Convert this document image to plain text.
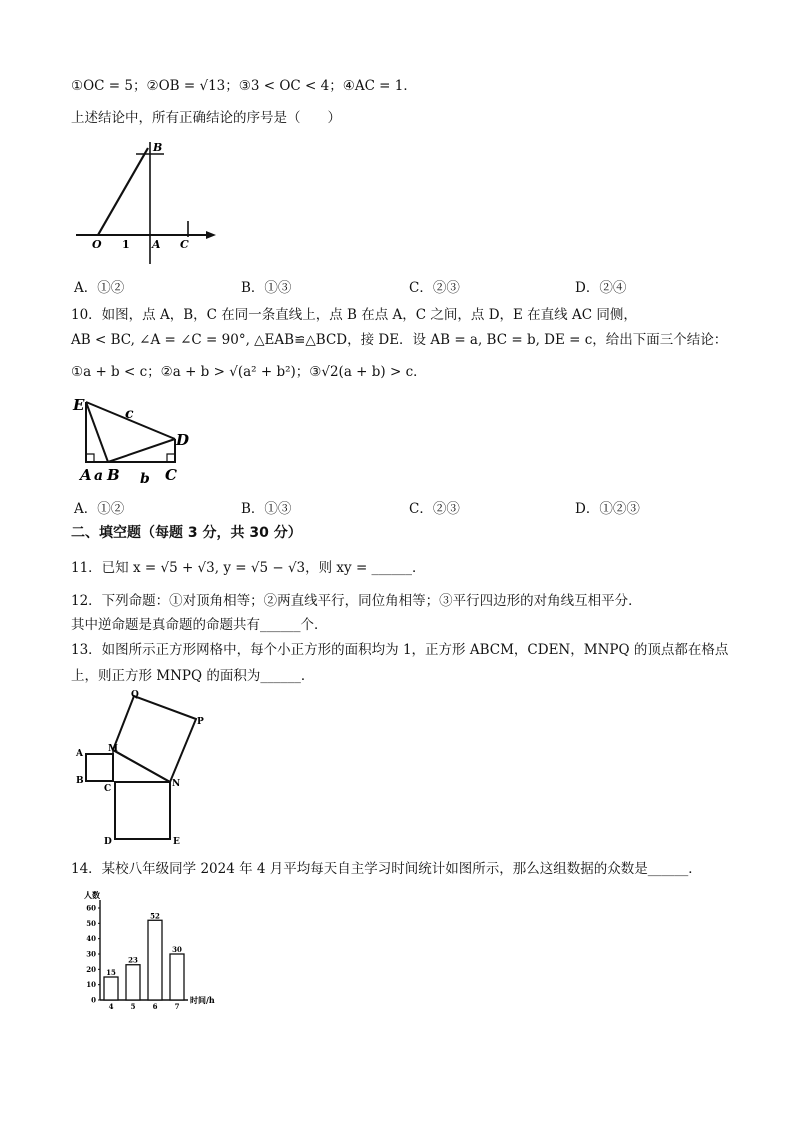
①OC = 5；②OB = √13；③3 < OC < 4；④AC = 1．
上述结论中，所有正确结论的序号是（　　）
B
O 1 A C
A．①②	B．①③	C．②③	D．②④
10．如图，点 A，B，C 在同一条直线上，点 B 在点 A，C 之间，点 D，E 在直线 AC 同侧，
AB < BC, ∠A = ∠C = 90°, △EAB≌△BCD，接 DE．设 AB = a, BC = b, DE = c，给出下面三个结论：
①a + b < c；②a + b > √(a² + b²)；③√2(a + b) > c．
E	c
D
A a B b C
A．①②	B．①③	C．②③	D．①②③
二、填空题（每题 3 分，共 30 分）
11．已知 x = √5 + √3, y = √5 − √3，则 xy = ______．
12．下列命题：①对顶角相等；②两直线平行，同位角相等；③平行四边形的对角线互相平分．
其中逆命题是真命题的命题共有______个．
13．如图所示正方形网格中，每个小正方形的面积均为 1，正方形 ABCM，CDEN，MNPQ 的顶点都在格点
上，则正方形 MNPQ 的面积为______．
Q
P
M
A
B
C	N
D	E
14．某校八年级同学 2024 年 4 月平均每天自主学习时间统计如图所示，那么这组数据的众数是______．
人数
时间/h
0
10
20
30
40
50
60
15
4
23
5
52
6
30
7
